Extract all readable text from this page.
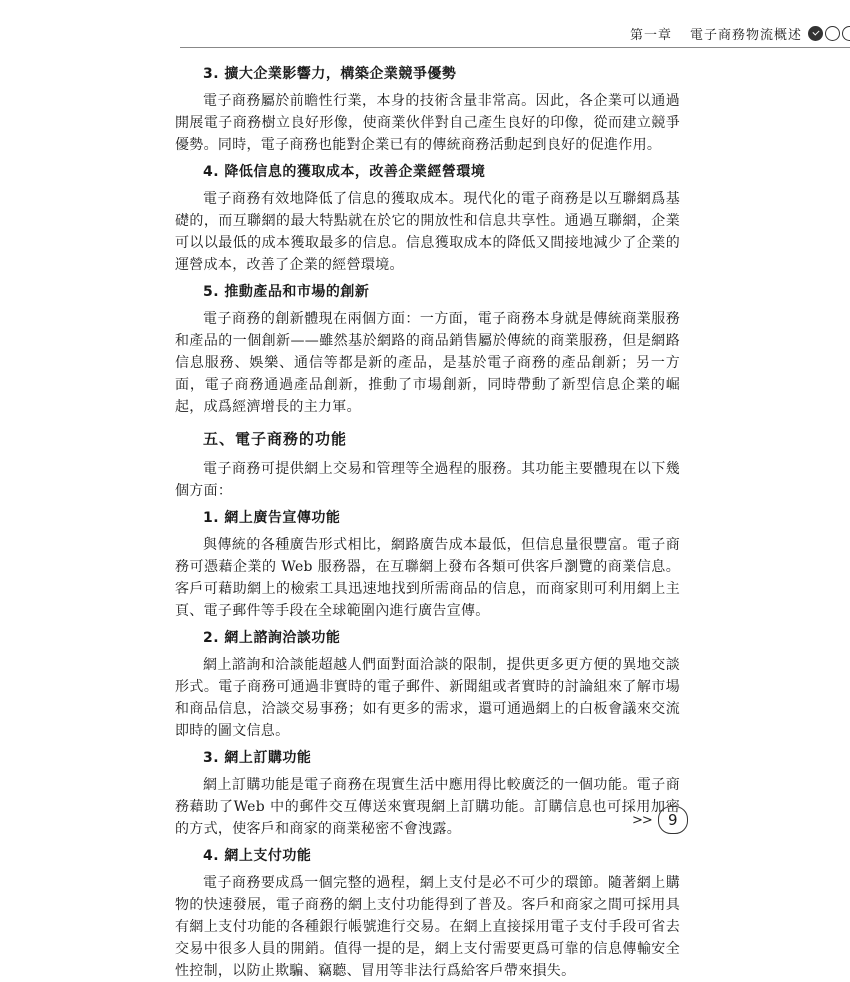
第一章 電子商務物流概述
3. 擴大企業影響力，構築企業競爭優勢

電子商務屬於前瞻性行業，本身的技術含量非常高。因此，各企業可以通過開展電子商務樹立良好形像，使商業伙伴對自己產生良好的印像，從而建立競爭優勢。同時，電子商務也能對企業已有的傳統商務活動起到良好的促進作用。

4. 降低信息的獲取成本，改善企業經營環境

電子商務有效地降低了信息的獲取成本。現代化的電子商務是以互聯網爲基礎的，而互聯網的最大特點就在於它的開放性和信息共享性。通過互聯網，企業可以以最低的成本獲取最多的信息。信息獲取成本的降低又間接地減少了企業的運營成本，改善了企業的經營環境。

5. 推動產品和市場的創新

電子商務的創新體現在兩個方面：一方面，電子商務本身就是傳統商業服務和產品的一個創新——雖然基於網路的商品銷售屬於傳統的商業服務，但是網路信息服務、娛樂、通信等都是新的產品，是基於電子商務的產品創新；另一方面，電子商務通過產品創新，推動了市場創新，同時帶動了新型信息企業的崛起，成爲經濟增長的主力軍。

五、電子商務的功能

電子商務可提供網上交易和管理等全過程的服務。其功能主要體現在以下幾個方面：

1. 網上廣告宣傳功能

與傳統的各種廣告形式相比，網路廣告成本最低，但信息量很豐富。電子商務可憑藉企業的 Web 服務器，在互聯網上發布各類可供客戶瀏覽的商業信息。客戶可藉助網上的檢索工具迅速地找到所需商品的信息，而商家則可利用網上主頁、電子郵件等手段在全球範圍內進行廣告宣傳。

2. 網上諮詢洽談功能

網上諮詢和洽談能超越人們面對面洽談的限制，提供更多更方便的異地交談形式。電子商務可通過非實時的電子郵件、新聞組或者實時的討論組來了解市場和商品信息，洽談交易事務；如有更多的需求，還可通過網上的白板會議來交流即時的圖文信息。

3. 網上訂購功能

網上訂購功能是電子商務在現實生活中應用得比較廣泛的一個功能。電子商務藉助了Web 中的郵件交互傳送來實現網上訂購功能。訂購信息也可採用加密的方式，使客戶和商家的商業秘密不會洩露。

4. 網上支付功能

電子商務要成爲一個完整的過程，網上支付是必不可少的環節。隨著網上購物的快速發展，電子商務的網上支付功能得到了普及。客戶和商家之間可採用具有網上支付功能的各種銀行帳號進行交易。在網上直接採用電子支付手段可省去交易中很多人員的開銷。值得一提的是，網上支付需要更爲可靠的信息傳輸安全性控制，以防止欺騙、竊聽、冒用等非法行爲給客戶帶來損失。

>>	9
